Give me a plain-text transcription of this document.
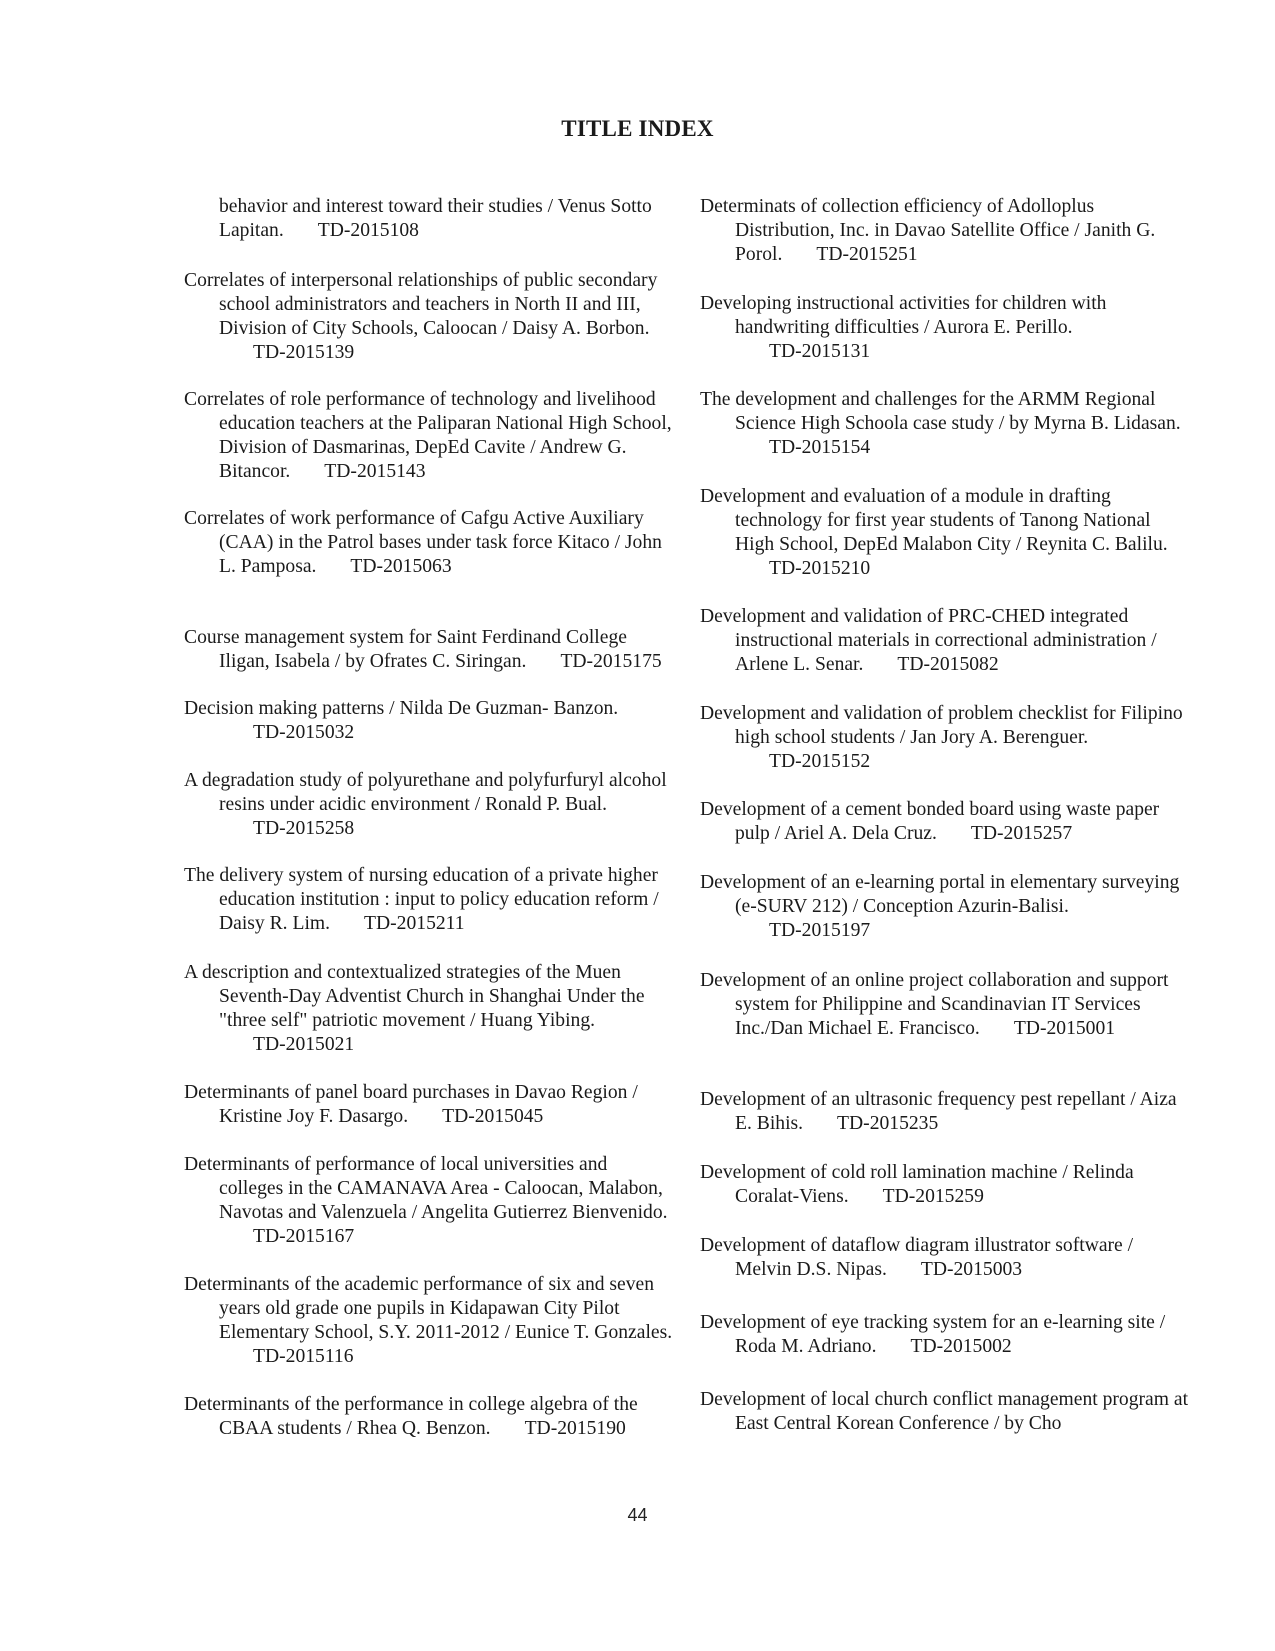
TITLE INDEX

behavior and interest toward their studies / Venus Sotto Lapitan. TD-2015108

Correlates of interpersonal relationships of public secondary school administrators and teachers in North II and III, Division of City Schools, Caloocan / Daisy A. Borbon.TD-2015139

Correlates of role performance of technology and livelihood education teachers at the Paliparan National High School, Division of Dasmarinas, DepEd Cavite / Andrew G. Bitancor. TD-2015143

Correlates of work performance of Cafgu Active Auxiliary (CAA) in the Patrol bases under task force Kitaco / John L. Pamposa. TD-2015063

Course management system for Saint Ferdinand College Iligan, Isabela / by Ofrates C. Siringan. TD-2015175

Decision making patterns / Nilda De Guzman- Banzon.TD-2015032

A degradation study of polyurethane and polyfurfuryl alcohol resins under acidic environment / Ronald P. Bual.TD-2015258

The delivery system of nursing education of a private higher education institution : input to policy education reform / Daisy R. Lim. TD-2015211

A description and contextualized strategies of the Muen Seventh-Day Adventist Church in Shanghai Under the "three self" patriotic movement / Huang Yibing.TD-2015021

Determinants of panel board purchases in Davao Region / Kristine Joy F. Dasargo. TD-2015045

Determinants of performance of local universities and colleges in the CAMANAVA Area - Caloocan, Malabon, Navotas and Valenzuela / Angelita Gutierrez Bienvenido.TD-2015167

Determinants of the academic performance of six and seven years old grade one pupils in Kidapawan City Pilot Elementary School, S.Y. 2011-2012 / Eunice T. Gonzales.TD-2015116

Determinants of the performance in college algebra of the CBAA students / Rhea Q. Benzon. TD-2015190

Determinats of collection efficiency of Adolloplus Distribution, Inc. in Davao Satellite Office / Janith G. Porol. TD-2015251

Developing instructional activities for children with handwriting difficulties / Aurora E. Perillo.TD-2015131

The development and challenges for the ARMM Regional Science High Schoola case study / by Myrna B. Lidasan.TD-2015154

Development and evaluation of a module in drafting technology for first year students of Tanong National High School, DepEd Malabon City / Reynita C. Balilu.TD-2015210

Development and validation of PRC-CHED integrated instructional materials in correctional administration / Arlene L. Senar. TD-2015082

Development and validation of problem checklist for Filipino high school students / Jan Jory A. Berenguer.TD-2015152

Development of a cement bonded board using waste paper pulp / Ariel A. Dela Cruz. TD-2015257

Development of an e-learning portal in elementary surveying (e-SURV 212) / Conception Azurin-Balisi.TD-2015197

Development of an online project collaboration and support system for Philippine and Scandinavian IT Services Inc./Dan Michael E. Francisco. TD-2015001

Development of an ultrasonic frequency pest repellant / Aiza E. Bihis. TD-2015235

Development of cold roll lamination machine / Relinda Coralat-Viens. TD-2015259

Development of dataflow diagram illustrator software / Melvin D.S. Nipas. TD-2015003

Development of eye tracking system for an e-learning site / Roda M. Adriano. TD-2015002

Development of local church conflict management program at East Central Korean Conference / by Cho

44
